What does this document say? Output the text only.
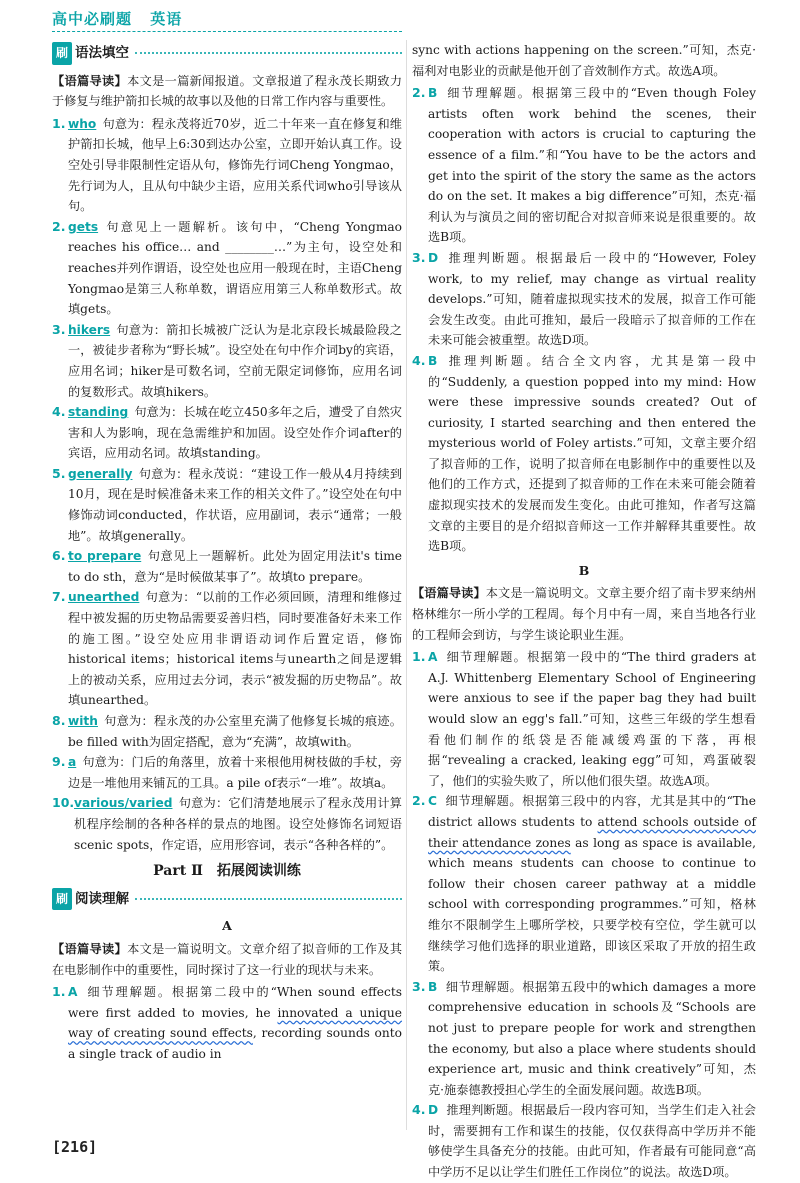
高中必刷题 英语
刷 语法填空
【语篇导读】本文是一篇新闻报道。文章报道了程永茂长期致力于修复与维护箭扣长城的故事以及他的日常工作内容与重要性。
1. who 句意为：程永茂将近70岁，近二十年来一直在修复和维护箭扣长城，他早上6:30到达办公室，立即开始认真工作。设空处引导非限制性定语从句，修饰先行词Cheng Yongmao，先行词为人，且从句中缺少主语，应用关系代词who引导该从句。
2. gets 句意见上一题解析。该句中，“Cheng Yongmao reaches his office… and ________…”为主句，设空处和reaches并列作谓语，设空处也应用一般现在时，主语Cheng Yongmao是第三人称单数，谓语应用第三人称单数形式。故填gets。
3. hikers 句意为：箭扣长城被广泛认为是北京段长城最险段之一，被徒步者称为“野长城”。设空处在句中作介词by的宾语，应用名词；hiker是可数名词，空前无限定词修饰，应用名词的复数形式。故填hikers。
4. standing 句意为：长城在屹立450多年之后，遭受了自然灾害和人为影响，现在急需维护和加固。设空处作介词after的宾语，应用动名词。故填standing。
5. generally 句意为：程永茂说：“建设工作一般从4月持续到10月，现在是时候准备未来工作的相关文件了。”设空处在句中修饰动词conducted，作状语，应用副词，表示“通常；一般地”。故填generally。
6. to prepare 句意见上一题解析。此处为固定用法it's time to do sth，意为“是时候做某事了”。故填to prepare。
7. unearthed 句意为：“以前的工作必须回顾，清理和维修过程中被发掘的历史物品需要妥善归档，同时要准备好未来工作的施工图。”设空处应用非谓语动词作后置定语，修饰historical items；historical items与unearth之间是逻辑上的被动关系，应用过去分词，表示“被发掘的历史物品”。故填unearthed。
8. with 句意为：程永茂的办公室里充满了他修复长城的痕迹。be filled with为固定搭配，意为“充满”，故填with。
9. a 句意为：门后的角落里，放着十来根他用树枝做的手杖，旁边是一堆他用来铺瓦的工具。a pile of表示“一堆”。故填a。
10. various/varied 句意为：它们清楚地展示了程永茂用计算机程序绘制的各种各样的景点的地图。设空处修饰名词短语scenic spots，作定语，应用形容词，表示“各种各样的”。
Part Ⅱ　拓展阅读训练
刷 阅读理解
A
【语篇导读】本文是一篇说明文。文章介绍了拟音师的工作及其在电影制作中的重要性，同时探讨了这一行业的现状与未来。
1. A 细节理解题。根据第二段中的“When sound effects were first added to movies, he innovated a unique way of creating sound effects, recording sounds onto a single track of audio in
sync with actions happening on the screen.”可知，杰克·福利对电影业的贡献是他开创了音效制作方式。故选A项。
2. B 细节理解题。根据第三段中的“Even though Foley artists often work behind the scenes, their cooperation with actors is crucial to capturing the essence of a film.”和“You have to be the actors and get into the spirit of the story the same as the actors do on the set. It makes a big difference”可知，杰克·福利认为与演员之间的密切配合对拟音师来说是很重要的。故选B项。
3. D 推理判断题。根据最后一段中的“However, Foley work, to my relief, may change as virtual reality develops.”可知，随着虚拟现实技术的发展，拟音工作可能会发生改变。由此可推知，最后一段暗示了拟音师的工作在未来可能会被重塑。故选D项。
4. B 推理判断题。结合全文内容，尤其是第一段中的“Suddenly, a question popped into my mind: How were these impressive sounds created? Out of curiosity, I started searching and then entered the mysterious world of Foley artists.”可知，文章主要介绍了拟音师的工作，说明了拟音师在电影制作中的重要性以及他们的工作方式，还提到了拟音师的工作在未来可能会随着虚拟现实技术的发展而发生变化。由此可推知，作者写这篇文章的主要目的是介绍拟音师这一工作并解释其重要性。故选B项。
B
【语篇导读】本文是一篇说明文。文章主要介绍了南卡罗来纳州格林维尔一所小学的工程周。每个月中有一周，来自当地各行业的工程师会到访，与学生谈论职业生涯。
1. A 细节理解题。根据第一段中的“The third graders at A.J. Whittenberg Elementary School of Engineering were anxious to see if the paper bag they had built would slow an egg's fall.”可知，这些三年级的学生想看看他们制作的纸袋是否能减缓鸡蛋的下落，再根据“revealing a cracked, leaking egg”可知，鸡蛋破裂了，他们的实验失败了，所以他们很失望。故选A项。
2. C 细节理解题。根据第三段中的内容，尤其是其中的“The district allows students to attend schools outside of their attendance zones as long as space is available, which means students can choose to continue to follow their chosen career pathway at a middle school with corresponding programmes.”可知，格林维尔不限制学生上哪所学校，只要学校有空位，学生就可以继续学习他们选择的职业道路，即该区采取了开放的招生政策。
3. B 细节理解题。根据第五段中的which damages a more comprehensive education in schools及“Schools are not just to prepare people for work and strengthen the economy, but also a place where students should experience art, music and think creatively”可知，杰克·施泰德教授担心学生的全面发展问题。故选B项。
4. D 推理判断题。根据最后一段内容可知，当学生们走入社会时，需要拥有工作和谋生的技能，仅仅获得高中学历并不能够使学生具备充分的技能。由此可知，作者最有可能同意“高中学历不足以让学生们胜任工作岗位”的说法。故选D项。
[216]
